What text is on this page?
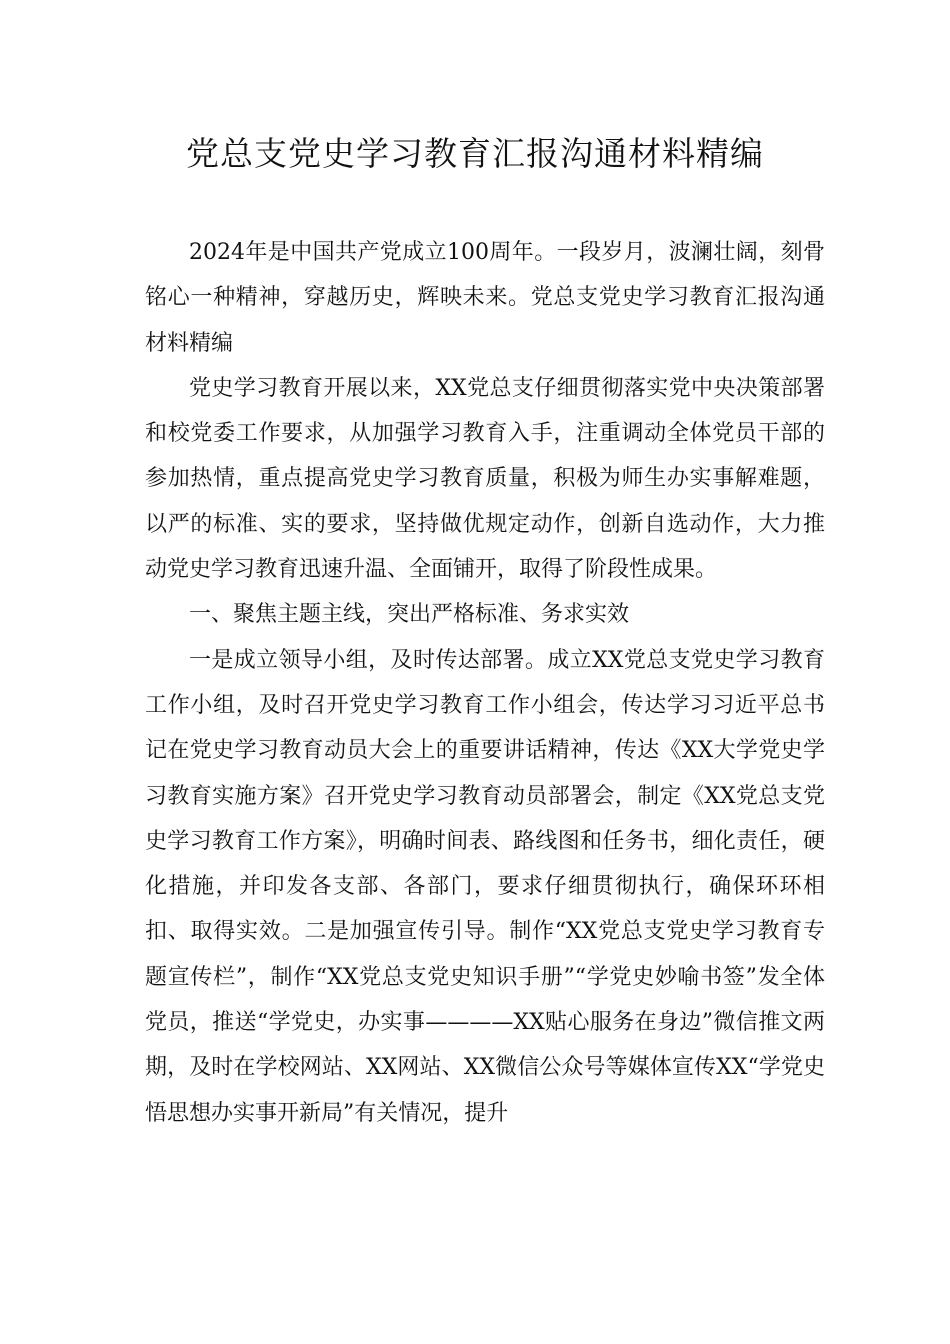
党总支党史学习教育汇报沟通材料精编

2024年是中国共产党成立100周年。一段岁月，波澜壮阔，刻骨铭心一种精神，穿越历史，辉映未来。党总支党史学习教育汇报沟通材料精编

党史学习教育开展以来，XX党总支仔细贯彻落实党中央决策部署和校党委工作要求，从加强学习教育入手，注重调动全体党员干部的参加热情，重点提高党史学习教育质量，积极为师生办实事解难题，以严的标准、实的要求，坚持做优规定动作，创新自选动作，大力推动党史学习教育迅速升温、全面铺开，取得了阶段性成果。

一、聚焦主题主线，突出严格标准、务求实效

一是成立领导小组，及时传达部署。成立XX党总支党史学习教育工作小组，及时召开党史学习教育工作小组会，传达学习习近平总书记在党史学习教育动员大会上的重要讲话精神，传达《XX大学党史学习教育实施方案》召开党史学习教育动员部署会，制定《XX党总支党史学习教育工作方案》，明确时间表、路线图和任务书，细化责任，硬化措施，并印发各支部、各部门，要求仔细贯彻执行，确保环环相扣、取得实效。二是加强宣传引导。制作“XX党总支党史学习教育专题宣传栏”，制作“XX党总支党史知识手册”“学党史妙喻书签”发全体党员，推送“学党史，办实事————XX贴心服务在身边”微信推文两期，及时在学校网站、XX网站、XX微信公众号等媒体宣传XX“学党史悟思想办实事开新局”有关情况，提升
